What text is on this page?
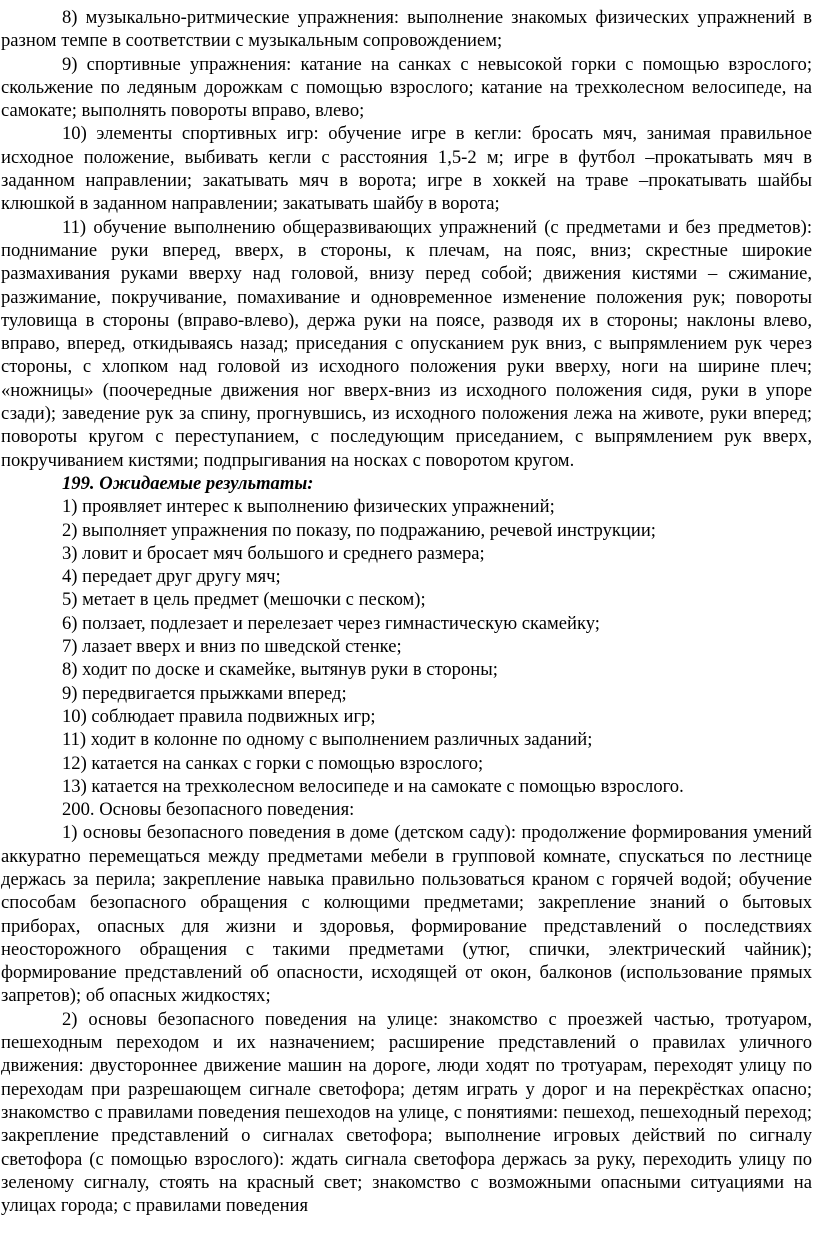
8) музыкально-ритмические упражнения: выполнение знакомых физических упражнений в разном темпе в соответствии с музыкальным сопровождением;

9) спортивные упражнения: катание на санках с невысокой горки с помощью взрослого; скольжение по ледяным дорожкам с помощью взрослого; катание на трехколесном велосипеде, на самокате; выполнять повороты вправо, влево;

10) элементы спортивных игр: обучение игре в кегли: бросать мяч, занимая правильное исходное положение, выбивать кегли с расстояния 1,5-2 м; игре в футбол –прокатывать мяч в заданном направлении; закатывать мяч в ворота; игре в хоккей на траве –прокатывать шайбы клюшкой в заданном направлении; закатывать шайбу в ворота;

11) обучение выполнению общеразвивающих упражнений (с предметами и без предметов): поднимание руки вперед, вверх, в стороны, к плечам, на пояс, вниз; скрестные широкие размахивания руками вверху над головой, внизу перед собой; движения кистями – сжимание, разжимание, покручивание, помахивание и одновременное изменение положения рук; повороты туловища в стороны (вправо-влево), держа руки на поясе, разводя их в стороны; наклоны влево, вправо, вперед, откидываясь назад; приседания с опусканием рук вниз, с выпрямлением рук через стороны, с хлопком над головой из исходного положения руки вверху, ноги на ширине плеч; «ножницы» (поочередные движения ног вверх-вниз из исходного положения сидя, руки в упоре сзади); заведение рук за спину, прогнувшись, из исходного положения лежа на животе, руки вперед; повороты кругом с переступанием, с последующим приседанием, с выпрямлением рук вверх, покручиванием кистями; подпрыгивания на носках с поворотом кругом.

199. Ожидаемые результаты:

1) проявляет интерес к выполнению физических упражнений;

2) выполняет упражнения по показу, по подражанию, речевой инструкции;

3) ловит и бросает мяч большого и среднего размера;

4) передает друг другу мяч;

5) метает в цель предмет (мешочки с песком);

6) ползает, подлезает и перелезает через гимнастическую скамейку;

7) лазает вверх и вниз по шведской стенке;

8) ходит по доске и скамейке, вытянув руки в стороны;

9) передвигается прыжками вперед;

10) соблюдает правила подвижных игр;

11) ходит в колонне по одному с выполнением различных заданий;

12) катается на санках с горки с помощью взрослого;

13) катается на трехколесном велосипеде и на самокате с помощью взрослого.

200. Основы безопасного поведения:

1) основы безопасного поведения в доме (детском саду): продолжение формирования умений аккуратно перемещаться между предметами мебели в групповой комнате, спускаться по лестнице держась за перила; закрепление навыка правильно пользоваться краном с горячей водой; обучение способам безопасного обращения с колющими предметами; закрепление знаний о бытовых приборах, опасных для жизни и здоровья, формирование представлений о последствиях неосторожного обращения с такими предметами (утюг, спички, электрический чайник); формирование представлений об опасности, исходящей от окон, балконов (использование прямых запретов); об опасных жидкостях;

2) основы безопасного поведения на улице: знакомство с проезжей частью, тротуаром, пешеходным переходом и их назначением; расширение представлений о правилах уличного движения: двустороннее движение машин на дороге, люди ходят по тротуарам, переходят улицу по переходам при разрешающем сигнале светофора; детям играть у дорог и на перекрёстках опасно; знакомство с правилами поведения пешеходов на улице, с понятиями: пешеход, пешеходный переход; закрепление представлений о сигналах светофора; выполнение игровых действий по сигналу светофора (с помощью взрослого): ждать сигнала светофора держась за руку, переходить улицу по зеленому сигналу, стоять на красный свет; знакомство с возможными опасными ситуациями на улицах города; с правилами поведения
